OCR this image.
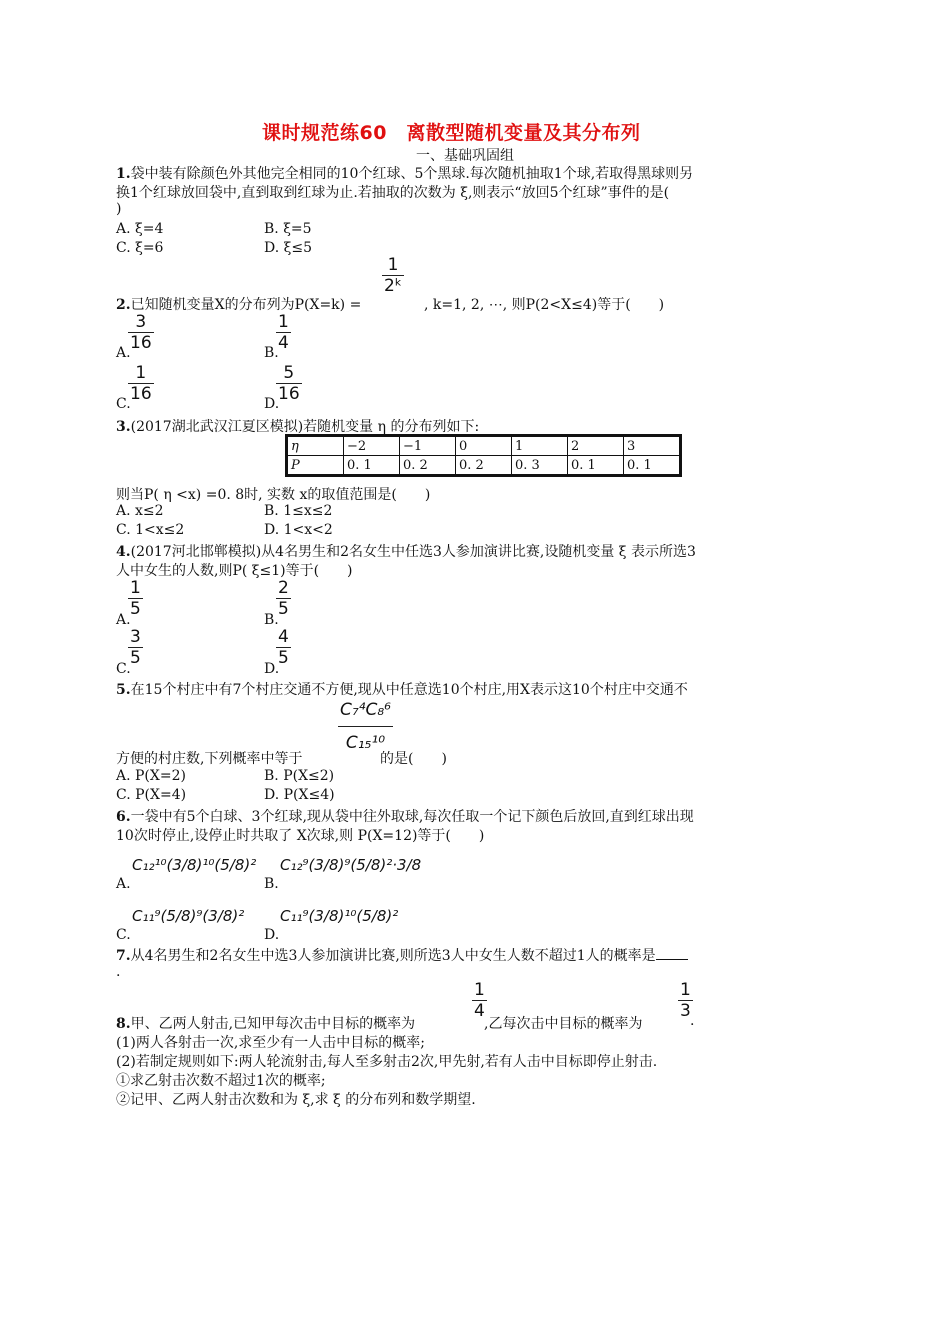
课时规范练60　离散型随机变量及其分布列
一、基础巩固组
1.袋中装有除颜色外其他完全相同的10个红球、5个黑球.每次随机抽取1个球,若取得黑球则另
换1个红球放回袋中,直到取到红球为止.若抽取的次数为 ξ,则表示“放回5个红球”事件的是(
)
A. ξ=4	B. ξ=5
C. ξ=6	D. ξ≤5
1
2ᵏ
2.已知随机变量X的分布列为P(X=k) =	, k=1, 2, ⋯, 则P(2<X≤4)等于(　　)
A.
3
16	B.
1
4
C.
1
16	D.
5
16
3.(2017湖北武汉江夏区模拟)若随机变量 η 的分布列如下:
η	−2	−1	0	1	2	3
P	0. 1	0. 2	0. 2	0. 3	0. 1	0. 1
则当P( η <x) =0. 8时, 实数 x的取值范围是(　　)
A. x≤2	B. 1≤x≤2
C. 1<x≤2	D. 1<x<2
4.(2017河北邯郸模拟)从4名男生和2名女生中任选3人参加演讲比赛,设随机变量 ξ 表示所选3
人中女生的人数,则P( ξ≤1)等于(　　)
A.
1
5
B.
2
5
C.
3
5
D.
4
5
5.在15个村庄中有7个村庄交通不方便,现从中任意选10个村庄,用X表示这10个村庄中交通不
方便的村庄数,下列概率中等于
C₇⁴C₈⁶
C₁₅¹⁰
的是(　　)
A. P(X=2)	B. P(X≤2)
C. P(X=4)	D. P(X≤4)
6.一袋中有5个白球、3个红球,现从袋中往外取球,每次任取一个记下颜色后放回,直到红球出现
10次时停止,设停止时共取了 X次球,则 P(X=12)等于(　　)
A.
C₁₂¹⁰(3/8)¹⁰(5/8)²
B.
C₁₂⁹(3/8)⁹(5/8)²·3/8
C.
C₁₁⁹(5/8)⁹(3/8)²
D.
C₁₁⁹(3/8)¹⁰(5/8)²
7.从4名男生和2名女生中选3人参加演讲比赛,则所选3人中女生人数不超过1人的概率是
.
1
4
1
3
8.甲、乙两人射击,已知甲每次击中目标的概率为	,乙每次击中目标的概率为	.
(1)两人各射击一次,求至少有一人击中目标的概率;
(2)若制定规则如下:两人轮流射击,每人至多射击2次,甲先射,若有人击中目标即停止射击.
①求乙射击次数不超过1次的概率;
②记甲、乙两人射击次数和为 ξ,求 ξ 的分布列和数学期望.
